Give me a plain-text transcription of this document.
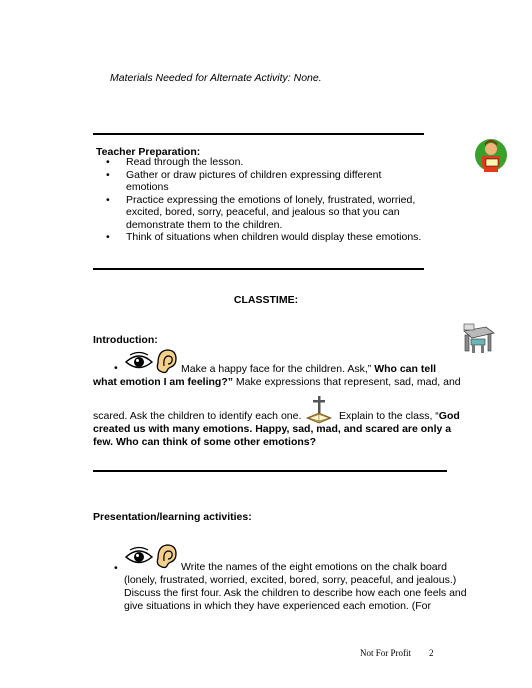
Materials Needed for Alternate Activity: None.
Teacher Preparation:
• Read through the lesson.
• Gather or draw pictures of children expressing different emotions
• Practice expressing the emotions of lonely, frustrated, worried, excited, bored, sorry, peaceful, and jealous so that you can demonstrate them to the children.
• Think of situations when children would display these emotions.
CLASSTIME:
Introduction:
•	Make a happy face for the children. Ask,” Who can tell
what emotion I am feeling?” Make expressions that represent, sad, mad, and
scared. Ask the children to identify each one.	Explain to the class, “God
created us with many emotions. Happy, sad, mad, and scared are only a
few. Who can think of some other emotions?
Presentation/learning activities:
•	Write the names of the eight emotions on the chalk board
(lonely, frustrated, worried, excited, bored, sorry, peaceful, and jealous.)
Discuss the first four. Ask the children to describe how each one feels and
give situations in which they have experienced each emotion. (For
Not For Profit 2
